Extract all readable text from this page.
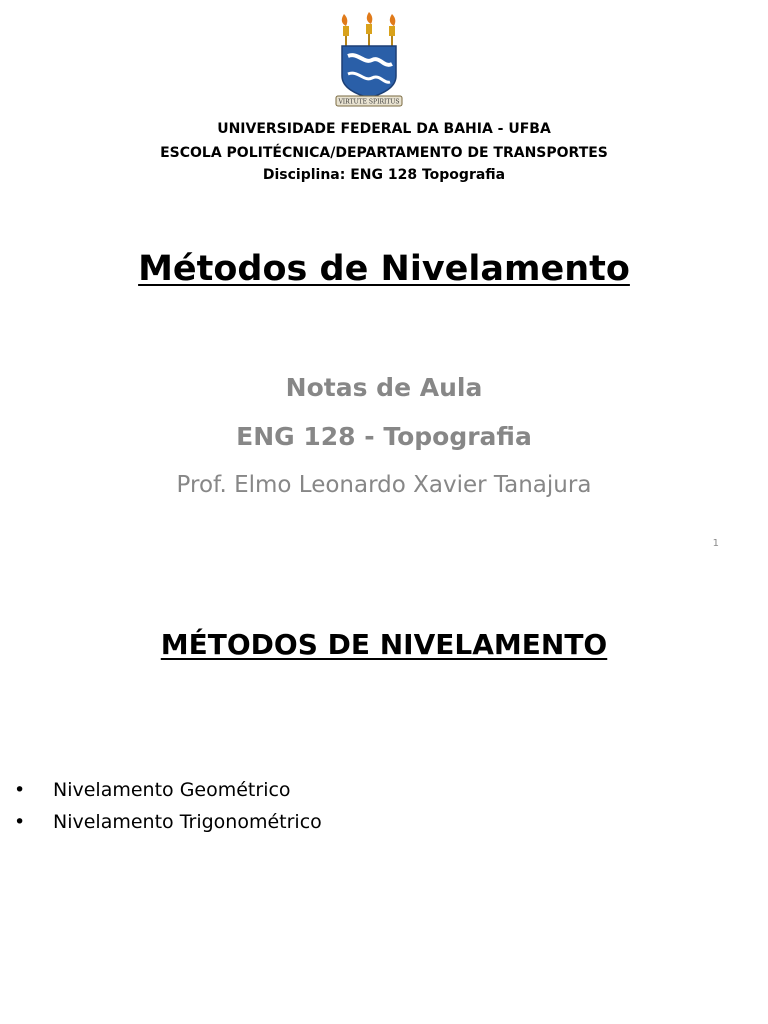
VIRTUTE SPIRITUS
UNIVERSIDADE FEDERAL DA BAHIA - UFBA
ESCOLA POLITÉCNICA/DEPARTAMENTO DE TRANSPORTES
Disciplina: ENG 128 Topografia
Métodos de Nivelamento
Notas de Aula
ENG 128 - Topografia
Prof. Elmo Leonardo Xavier Tanajura
1
MÉTODOS DE NIVELAMENTO
• Nivelamento Geométrico
• Nivelamento Trigonométrico
